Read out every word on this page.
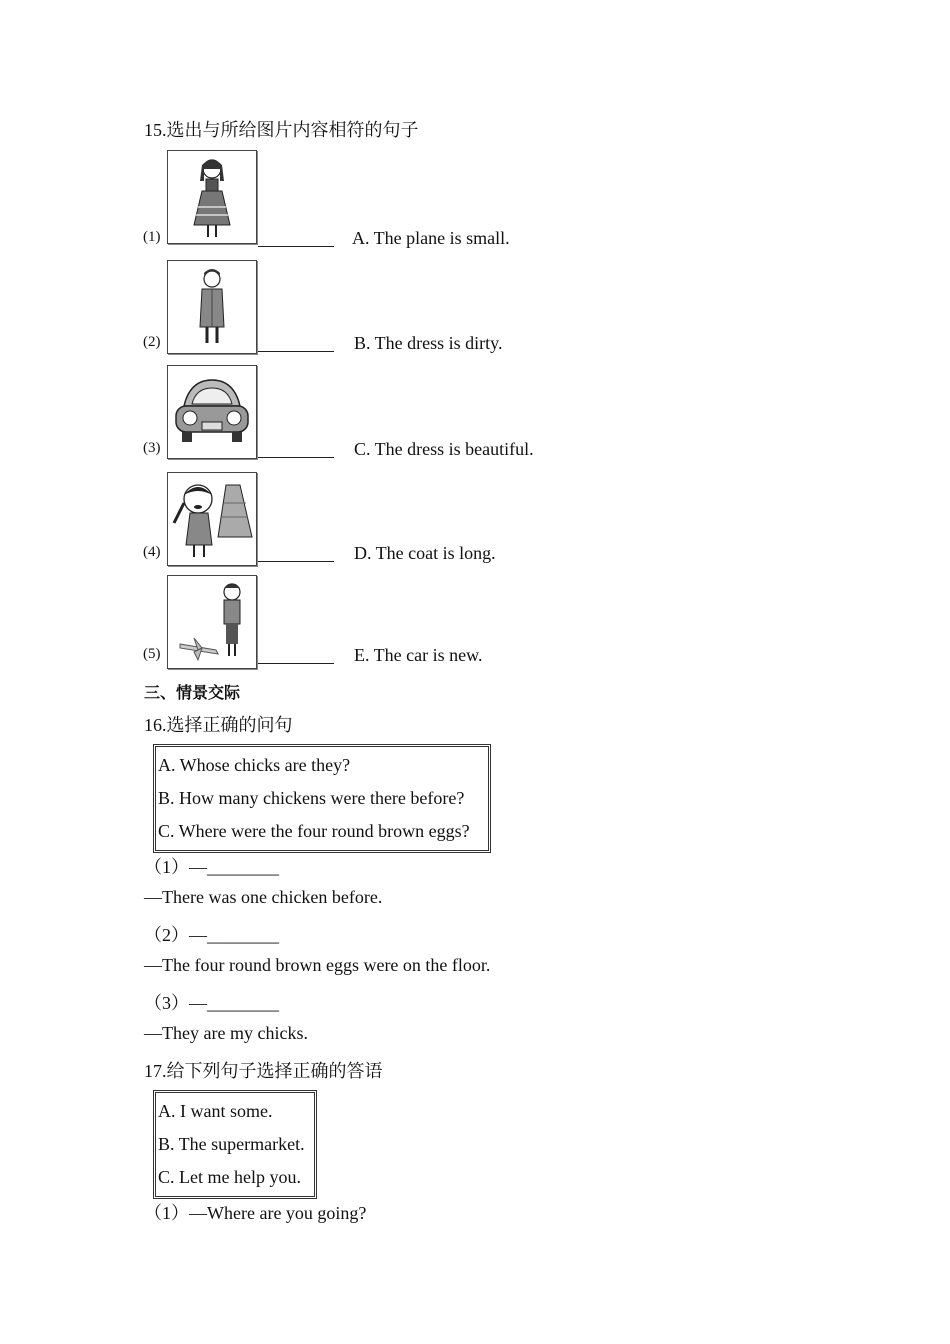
15.选出与所给图片内容相符的句子
(1)	A. The plane is small.
(2)	B. The dress is dirty.
(3)	C. The dress is beautiful.
(4)	D. The coat is long.
(5)	E. The car is new.
三、情景交际
16.选择正确的问句
A. Whose chicks are they?
B. How many chickens were there before?
C. Where were the four round brown eggs?
（1）—________
—There was one chicken before.
（2）—________
—The four round brown eggs were on the floor.
（3）—________
—They are my chicks.
17.给下列句子选择正确的答语
A. I want some.
B. The supermarket.
C. Let me help you.
（1）—Where are you going?
